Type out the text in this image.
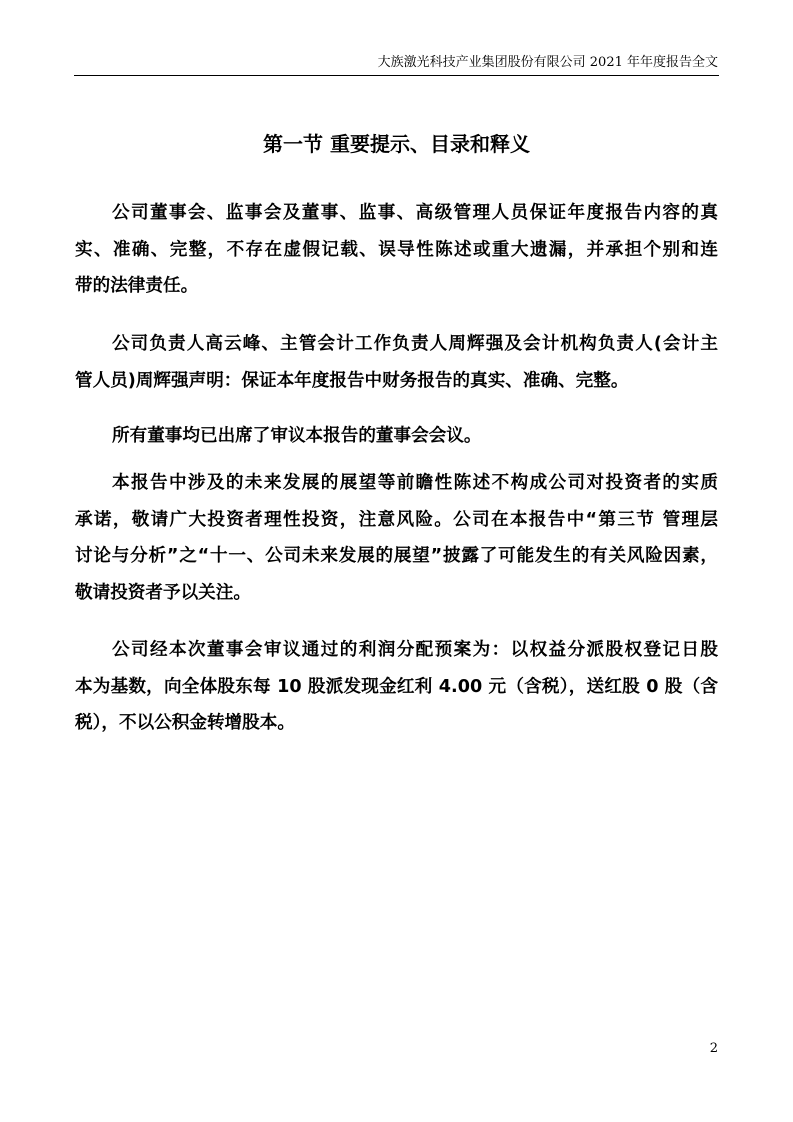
大族激光科技产业集团股份有限公司 2021 年年度报告全文
第一节 重要提示、目录和释义
公司董事会、监事会及董事、监事、高级管理人员保证年度报告内容的真
实、准确、完整，不存在虚假记载、误导性陈述或重大遗漏，并承担个别和连
带的法律责任。
公司负责人高云峰、主管会计工作负责人周辉强及会计机构负责人(会计主
管人员)周辉强声明：保证本年度报告中财务报告的真实、准确、完整。
所有董事均已出席了审议本报告的董事会会议。
本报告中涉及的未来发展的展望等前瞻性陈述不构成公司对投资者的实质
承诺，敬请广大投资者理性投资，注意风险。公司在本报告中“第三节 管理层
讨论与分析”之“十一、公司未来发展的展望”披露了可能发生的有关风险因素，
敬请投资者予以关注。
公司经本次董事会审议通过的利润分配预案为：以权益分派股权登记日股
本为基数，向全体股东每 10 股派发现金红利 4.00 元（含税），送红股 0 股（含
税），不以公积金转增股本。
2
